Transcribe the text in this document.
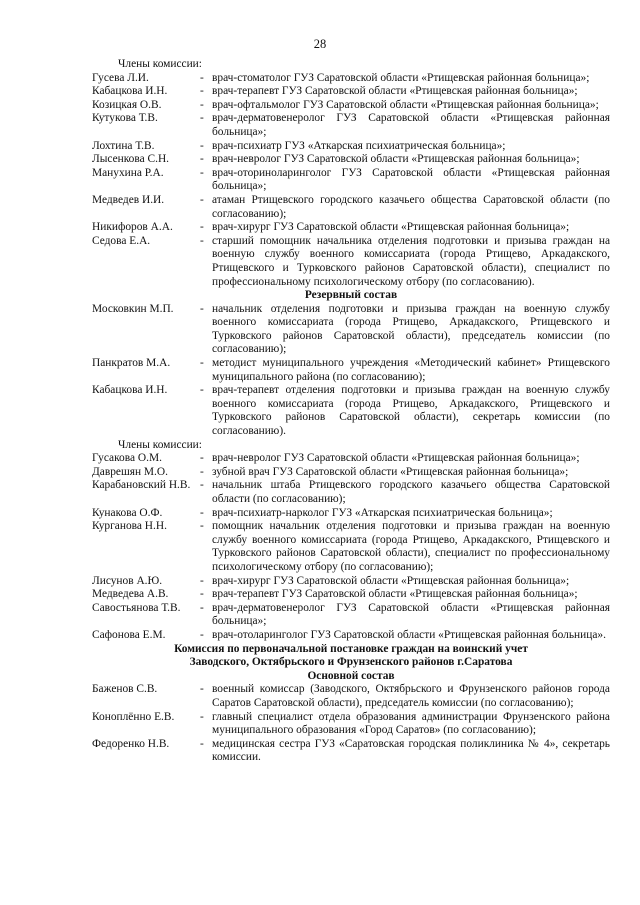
28
Члены комиссии:
Гусева Л.И.	- врач-стоматолог ГУЗ Саратовской области «Ртищевская районная больница»;
Кабацкова И.Н.	- врач-терапевт ГУЗ Саратовской области «Ртищевская районная больница»;
Козицкая О.В.	- врач-офтальмолог ГУЗ Саратовской области «Ртищевская районная больница»;
Кутукова Т.В.	- врач-дерматовенеролог ГУЗ Саратовской области «Ртищевская районная больница»;
Лохтина Т.В.	- врач-психиатр ГУЗ «Аткарская психиатрическая больница»;
Лысенкова С.Н.	- врач-невролог ГУЗ Саратовской области «Ртищевская районная больница»;
Манухина Р.А.	- врач-оториноларинголог ГУЗ Саратовской области «Ртищевская районная больница»;
Медведев И.И.	- атаман Ртищевского городского казачьего общества Саратовской области (по согласованию);
Никифоров А.А.	- врач-хирург ГУЗ Саратовской области «Ртищевская районная больница»;
Седова Е.А.	- старший помощник начальника отделения подготовки и призыва граждан на военную службу военного комиссариата (города Ртищево, Аркадакского, Ртищевского и Турковского районов Саратовской области), специалист по профессиональному психологическому отбору (по согласованию).
Резервный состав
Московкин М.П.	- начальник отделения подготовки и призыва граждан на военную службу военного комиссариата (города Ртищево, Аркадакского, Ртищевского и Турковского районов Саратовской области), председатель комиссии (по согласованию);
Панкратов М.А.	- методист муниципального учреждения «Методический кабинет» Ртищевского муниципального района (по согласованию);
Кабацкова И.Н.	- врач-терапевт отделения подготовки и призыва граждан на военную службу военного комиссариата (города Ртищево, Аркадакского, Ртищевского и Турковского районов Саратовской области), секретарь комиссии (по согласованию).
Члены комиссии:
Гусакова О.М.	- врач-невролог ГУЗ Саратовской области «Ртищевская районная больница»;
Даврешян М.О.	- зубной врач ГУЗ Саратовской области «Ртищевская районная больница»;
Карабановский Н.В. - начальник штаба Ртищевского городского казачьего общества Саратовской области (по согласованию);
Кунакова О.Ф.	- врач-психиатр-нарколог ГУЗ «Аткарская психиатрическая больница»;
Курганова Н.Н.	- помощник начальник отделения подготовки и призыва граждан на военную службу военного комиссариата (города Ртищево, Аркадакского, Ртищевского и Турковского районов Саратовской области), специалист по профессиональному психологическому отбору (по согласованию);
Лисунов А.Ю.	- врач-хирург ГУЗ Саратовской области «Ртищевская районная больница»;
Медведева А.В.	- врач-терапевт ГУЗ Саратовской области «Ртищевская районная больница»;
Савостьянова Т.В.	- врач-дерматовенеролог ГУЗ Саратовской области «Ртищевская районная больница»;
Сафонова Е.М.	- врач-отоларинголог ГУЗ Саратовской области «Ртищевская районная больница».
Комиссия по первоначальной постановке граждан на воинский учет
Заводского, Октябрьского и Фрунзенского районов г.Саратова
Основной состав
Баженов С.В.	- военный комиссар (Заводского, Октябрьского и Фрунзенского районов города Саратов Саратовской области), председатель комиссии (по согласованию);
Коноплённо Е.В.	- главный специалист отдела образования администрации Фрунзенского района муниципального образования «Город Саратов» (по согласованию);
Федоренко Н.В.	- медицинская сестра ГУЗ «Саратовская городская поликлиника № 4», секретарь комиссии.
